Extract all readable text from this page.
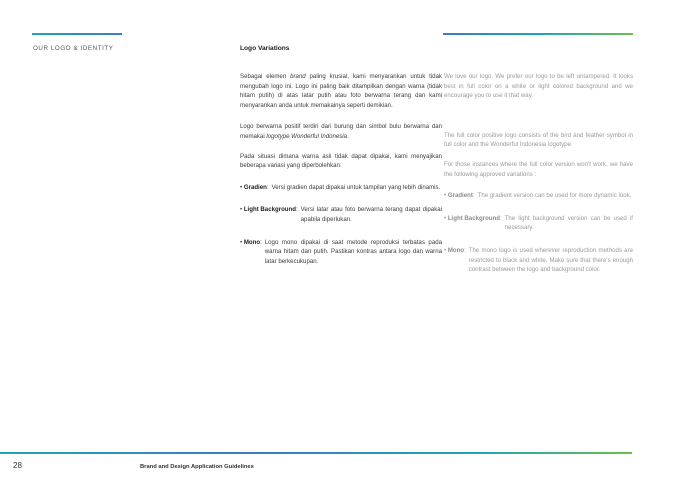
OUR LOGO & IDENTITY	Logo Variations

Sebagai elemen brand paling krusial, kami menyarankan untuk tidak mengubah logo ini. Logo ini paling baik ditampilkan dengan warna (tidak hitam putih) di atas latar putih atau foto berwarna terang dan kami menyarankan anda untuk memakainya seperti demikian.

Logo berwarna positif terdiri dari burung dan simbol bulu berwarna dan memakai logotype Wonderful Indonesia.

Pada situasi dimana warna asli tidak dapat dipakai, kami menyajikan beberapa variasi yang diperbolehkan:

• Gradien: Versi gradien dapat dipakai untuk tampilan yang lebih dinamis.
• Light Background: Versi latar atau foto berwarna terang dapat dipakai apabila diperlukan.
• Mono: Logo mono dipakai di saat metode reproduksi terbatas pada warna hitam dan putih. Pastikan kontras antara logo dan warna latar berkecukupan.

We love our logo. We prefer our logo to be left untampered. It looks best in full color on a white or light colored background and we encourage you to use it that way.

The full color positive logo consists of the bird and feather symbol in full color and the Wonderful Indonesia logotype.

For those instances where the full color version won't work, we have the following approved variations :

• Gradient: The gradient version can be used for more dynamic look.
• Light Background: The light background version can be used if necessary.
• Mono: The mono logo is used wherever reproduction methods are restricted to black and white. Make sure that there's enough contrast between the logo and background color.
28	Brand and Design Application Guidelines
